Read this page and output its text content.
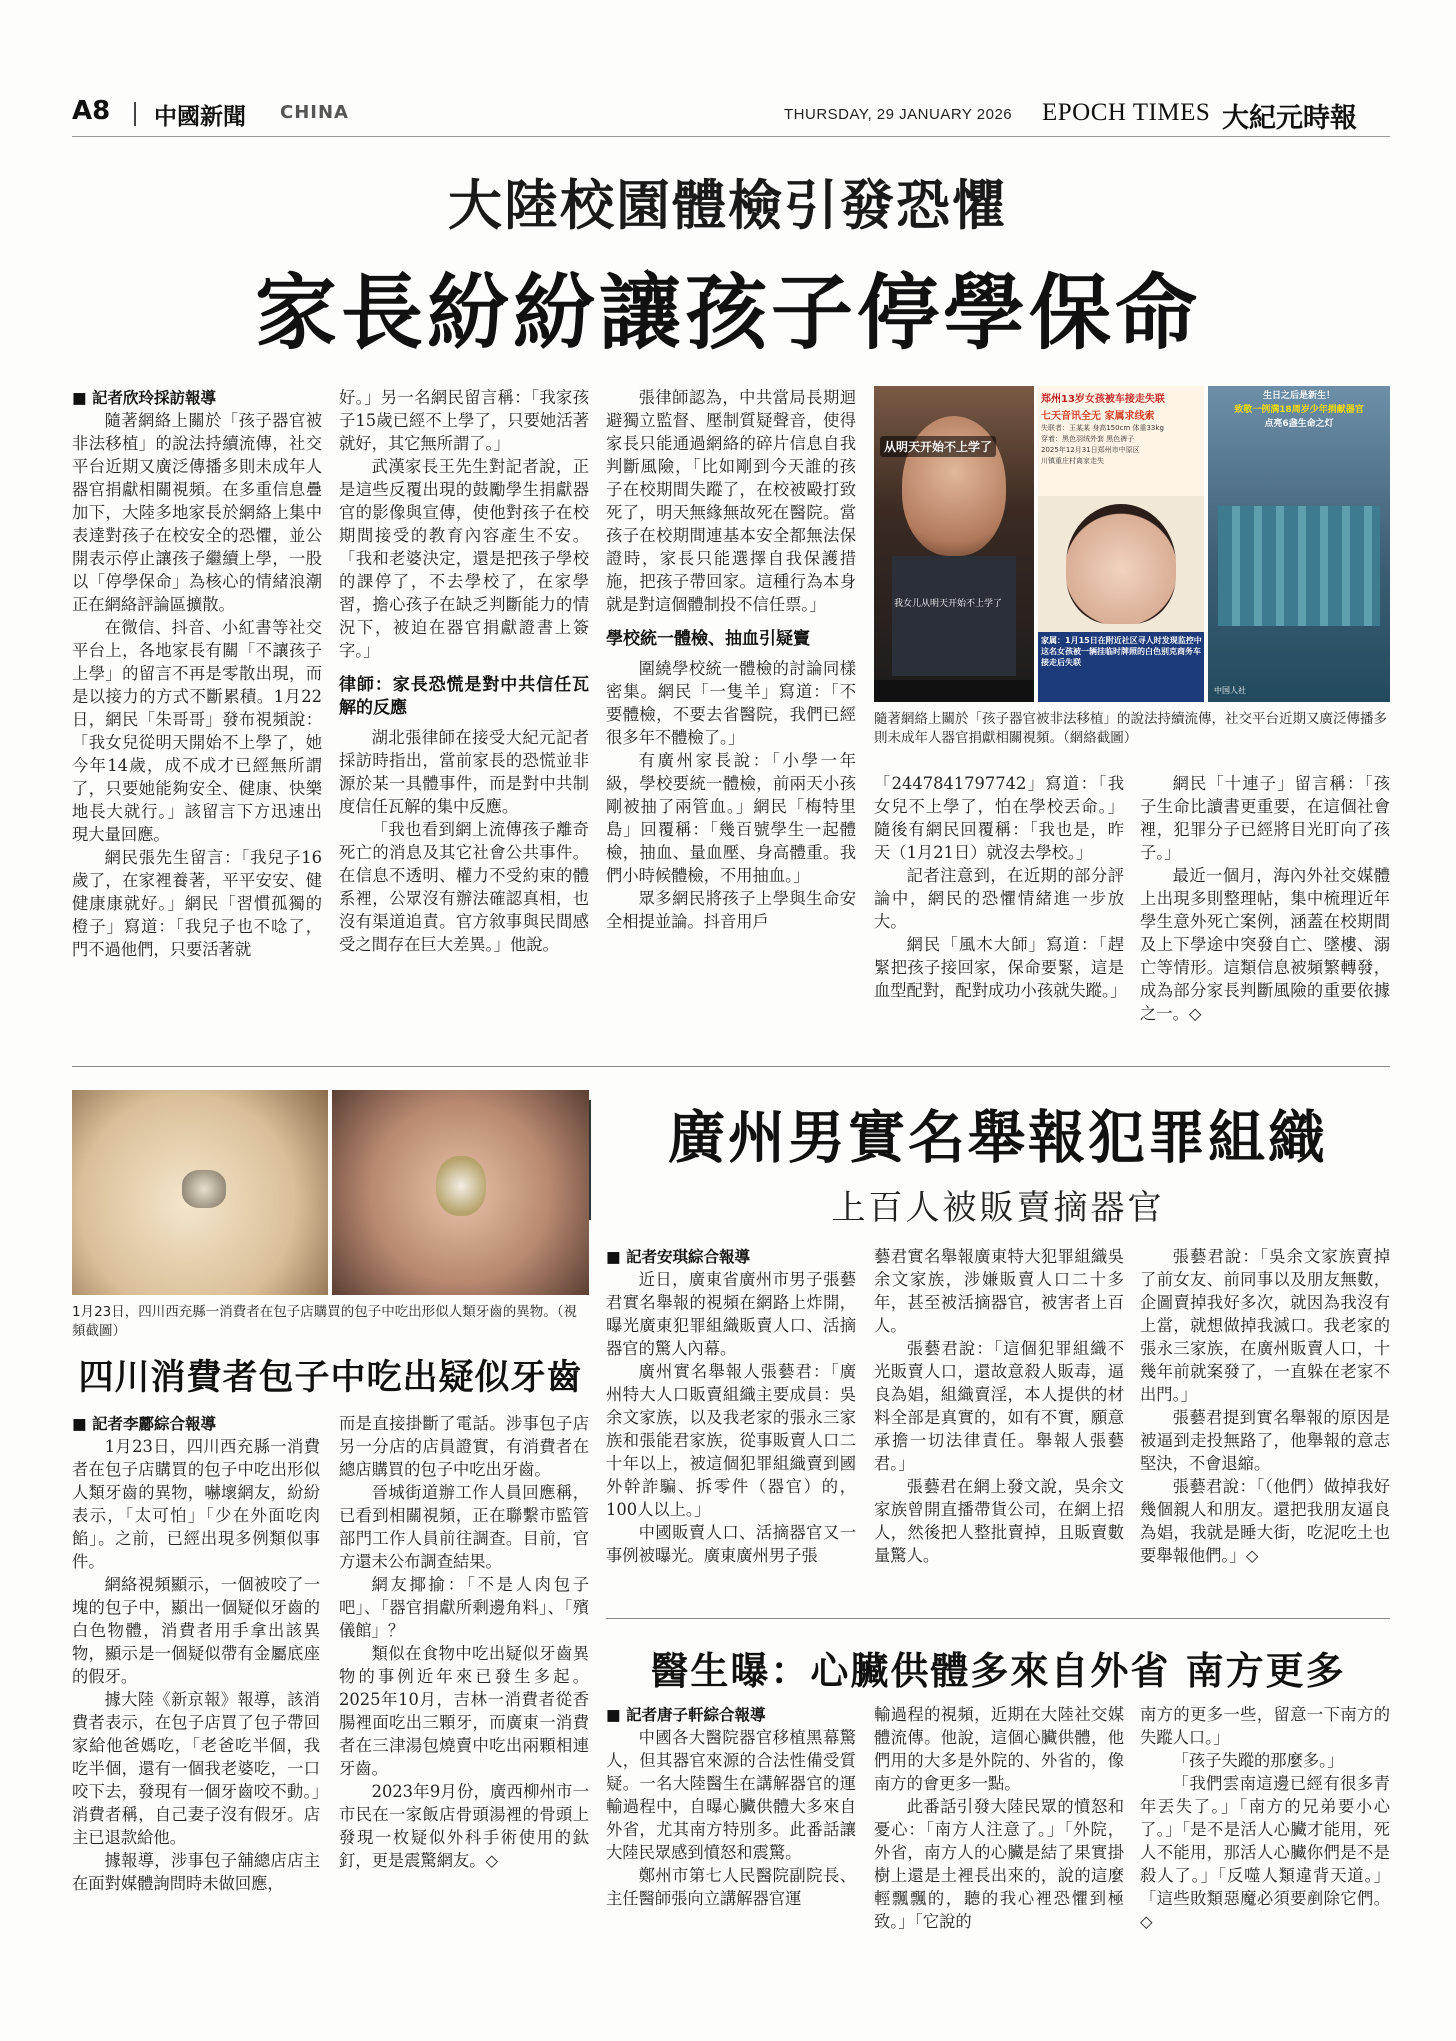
A8 中國新聞 CHINA	THURSDAY, 29 JANUARY 2026 EPOCH TIMES 大紀元時報
大陸校園體檢引發恐懼
家長紛紛讓孩子停學保命
■ 記者欣玲採訪報導

隨著網絡上關於「孩子器官被非法移植」的說法持續流傳，社交平台近期又廣泛傳播多則未成年人器官捐獻相關視頻。在多重信息疊加下，大陸多地家長於網絡上集中表達對孩子在校安全的恐懼，並公開表示停止讓孩子繼續上學，一股以「停學保命」為核心的情緒浪潮正在網絡評論區擴散。

在微信、抖音、小紅書等社交平台上，各地家長有關「不讓孩子上學」的留言不再是零散出現，而是以接力的方式不斷累積。1月22日，網民「朱哥哥」發布視頻說：「我女兒從明天開始不上學了，她今年14歲，成不成才已經無所謂了，只要她能夠安全、健康、快樂地長大就行。」該留言下方迅速出現大量回應。

網民張先生留言：「我兒子16歲了，在家裡養著，平平安安、健健康康就好。」網民「習慣孤獨的橙子」寫道：「我兒子也不唸了，門不過他們，只要活著就

好。」另一名網民留言稱：「我家孩子15歲已經不上學了，只要她活著就好，其它無所謂了。」

武漢家長王先生對記者說，正是這些反覆出現的鼓勵學生捐獻器官的影像與宣傳，使他對孩子在校期間接受的教育內容產生不安。「我和老婆決定，還是把孩子學校的課停了，不去學校了，在家學習，擔心孩子在缺乏判斷能力的情況下，被迫在器官捐獻證書上簽字。」

律師：家長恐慌是對中共信任瓦解的反應

湖北張律師在接受大紀元記者採訪時指出，當前家長的恐慌並非源於某一具體事件，而是對中共制度信任瓦解的集中反應。

「我也看到網上流傳孩子離奇死亡的消息及其它社會公共事件。在信息不透明、權力不受約束的體系裡，公眾沒有辦法確認真相，也沒有渠道追責。官方敘事與民間感受之間存在巨大差異。」他說。

張律師認為，中共當局長期迴避獨立監督、壓制質疑聲音，使得家長只能通過網絡的碎片信息自我判斷風險，「比如剛到今天誰的孩子在校期間失蹤了，在校被毆打致死了，明天無緣無故死在醫院。當孩子在校期間連基本安全都無法保證時，家長只能選擇自我保護措施，把孩子帶回家。這種行為本身就是對這個體制投不信任票。」

學校統一體檢、抽血引疑竇

圍繞學校統一體檢的討論同樣密集。網民「一隻羊」寫道：「不要體檢，不要去省醫院，我們已經很多年不體檢了。」

有廣州家長說：「小學一年級，學校要統一體檢，前兩天小孩剛被抽了兩管血。」網民「梅特里島」回覆稱：「幾百號學生一起體檢，抽血、量血壓、身高體重。我們小時候體檢，不用抽血。」

眾多網民將孩子上學與生命安全相提並論。抖音用戶

从明天开始不上学了
我女儿从明天开始不上学了
郑州13岁女孩被车接走失联
七天音讯全无 家属求线索
失联者：王某某 身高150cm 体重33kg
穿着：黑色羽绒外套 黑色裤子
2025年12月31日郑州市中原区
川镇重庄村离家走失
家属：1月15日在附近社区寻人时发现监控中这名女孩被一辆挂临时牌照的白色别克商务车接走后失联
生日之后是新生！
致敬一例满18周岁少年捐献器官
点亮6盏生命之灯
中国人社
隨著網絡上關於「孩子器官被非法移植」的說法持續流傳，社交平台近期又廣泛傳播多則未成年人器官捐獻相關視頻。（網絡截圖）

「2447841797742」寫道：「我女兒不上學了，怕在學校丟命。」隨後有網民回覆稱：「我也是，昨天（1月21日）就沒去學校。」

記者注意到，在近期的部分評論中，網民的恐懼情緒進一步放大。

網民「風木大師」寫道：「趕緊把孩子接回家，保命要緊，這是血型配對，配對成功小孩就失蹤。」

網民「十連子」留言稱：「孩子生命比讀書更重要，在這個社會裡，犯罪分子已經將目光盯向了孩子。」

最近一個月，海內外社交媒體上出現多則整理帖，集中梳理近年學生意外死亡案例，涵蓋在校期間及上下學途中突發自亡、墜樓、溺亡等情形。這類信息被頻繁轉發，成為部分家長判斷風險的重要依據之一。◇

1月23日，四川西充縣一消費者在包子店購買的包子中吃出形似人類牙齒的異物。（視頻截圖）
四川消費者包子中吃出疑似牙齒
■ 記者李酈綜合報導

1月23日，四川西充縣一消費者在包子店購買的包子中吃出形似人類牙齒的異物，嚇壞網友，紛紛表示，「太可怕」「少在外面吃肉餡」。之前，已經出現多例類似事件。

網絡視頻顯示，一個被咬了一塊的包子中，顯出一個疑似牙齒的白色物體，消費者用手拿出該異物，顯示是一個疑似帶有金屬底座的假牙。

據大陸《新京報》報導，該消費者表示，在包子店買了包子帶回家給他爸媽吃，「老爸吃半個，我吃半個，還有一個我老婆吃，一口咬下去，發現有一個牙齒咬不動。」消費者稱，自己妻子沒有假牙。店主已退款給他。

據報導，涉事包子舖總店店主在面對媒體詢問時未做回應，

而是直接掛斷了電話。涉事包子店另一分店的店員證實，有消費者在總店購買的包子中吃出牙齒。

晉城街道辦工作人員回應稱，已看到相關視頻，正在聯繫市監管部門工作人員前往調查。目前，官方還未公布調查結果。

網友揶揄：「不是人肉包子吧」、「器官捐獻所剩邊角料」、「殯儀館」？

類似在食物中吃出疑似牙齒異物的事例近年來已發生多起。2025年10月，吉林一消費者從香腸裡面吃出三顆牙，而廣東一消費者在三津湯包燒賣中吃出兩顆相連牙齒。

2023年9月份，廣西柳州市一市民在一家飯店骨頭湯裡的骨頭上發現一枚疑似外科手術使用的鈦釘，更是震驚網友。◇

廣州男實名舉報犯罪組織
上百人被販賣摘器官
■ 記者安琪綜合報導

近日，廣東省廣州市男子張藝君實名舉報的視頻在網路上炸開，曝光廣東犯罪組織販賣人口、活摘器官的驚人內幕。

廣州實名舉報人張藝君：「廣州特大人口販賣組織主要成員：吳余文家族，以及我老家的張永三家族和張能君家族，從事販賣人口二十年以上，被這個犯罪組織賣到國外幹詐騙、拆零件（器官）的，100人以上。」

中國販賣人口、活摘器官又一事例被曝光。廣東廣州男子張

藝君實名舉報廣東特大犯罪組織吳余文家族，涉嫌販賣人口二十多年，甚至被活摘器官，被害者上百人。

張藝君說：「這個犯罪組織不光販賣人口，還故意殺人販毒，逼良為娼，組織賣淫，本人提供的材料全部是真實的，如有不實，願意承擔一切法律責任。舉報人張藝君。」

張藝君在網上發文說，吳余文家族曾開直播帶貨公司，在網上招人，然後把人整批賣掉，且販賣數量驚人。

張藝君說：「吳余文家族賣掉了前女友、前同事以及朋友無數，企圖賣掉我好多次，就因為我沒有上當，就想做掉我滅口。我老家的張永三家族，在廣州販賣人口，十幾年前就案發了，一直躲在老家不出門。」

張藝君提到實名舉報的原因是被逼到走投無路了，他舉報的意志堅決，不會退縮。

張藝君說：「（他們）做掉我好幾個親人和朋友。還把我朋友逼良為娼，我就是睡大街，吃泥吃土也要舉報他們。」◇

醫生曝：心臟供體多來自外省 南方更多
■ 記者唐子軒綜合報導

中國各大醫院器官移植黑幕驚人，但其器官來源的合法性備受質疑。一名大陸醫生在講解器官的運輸過程中，自曝心臟供體大多來自外省，尤其南方特別多。此番話讓大陸民眾感到憤怒和震驚。

鄭州市第七人民醫院副院長、主任醫師張向立講解器官運

輸過程的視頻，近期在大陸社交媒體流傳。他說，這個心臟供體，他們用的大多是外院的、外省的，像南方的會更多一點。

此番話引發大陸民眾的憤怒和憂心：「南方人注意了。」「外院，外省，南方人的心臟是結了果實掛樹上還是土裡長出來的，說的這麼輕飄飄的，聽的我心裡恐懼到極致。」「它說的

南方的更多一些，留意一下南方的失蹤人口。」

「孩子失蹤的那麼多。」

「我們雲南這邊已經有很多青年丟失了。」「南方的兄弟要小心了。」「是不是活人心臟才能用，死人不能用，那活人心臟你們是不是殺人了。」「反噬人類違背天道。」「這些敗類惡魔必須要剷除它們。◇
